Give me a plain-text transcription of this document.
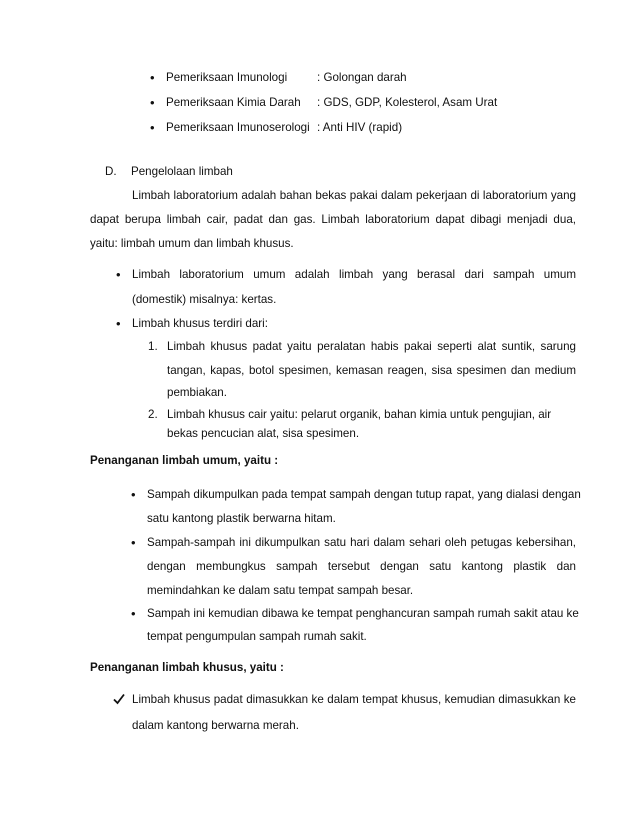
• Pemeriksaan Imunologi	: Golongan darah
• Pemeriksaan Kimia Darah : GDS, GDP, Kolesterol, Asam Urat
• Pemeriksaan Imunoserologi : Anti HIV (rapid)
D. Pengelolaan limbah
Limbah laboratorium adalah bahan bekas pakai dalam pekerjaan di laboratorium yang
dapat berupa limbah cair, padat dan gas. Limbah laboratorium dapat dibagi menjadi dua,
yaitu: limbah umum dan limbah khusus.
• Limbah laboratorium umum adalah limbah yang berasal dari sampah umum
(domestik) misalnya: kertas.
• Limbah khusus terdiri dari:
1. Limbah khusus padat yaitu peralatan habis pakai seperti alat suntik, sarung
tangan, kapas, botol spesimen, kemasan reagen, sisa spesimen dan medium
pembiakan.
2. Limbah khusus cair yaitu: pelarut organik, bahan kimia untuk pengujian, air
bekas pencucian alat, sisa spesimen.
Penanganan limbah umum, yaitu :
• Sampah dikumpulkan pada tempat sampah dengan tutup rapat, yang dialasi dengan
satu kantong plastik berwarna hitam.
• Sampah-sampah ini dikumpulkan satu hari dalam sehari oleh petugas kebersihan,
dengan membungkus sampah tersebut dengan satu kantong plastik dan
memindahkan ke dalam satu tempat sampah besar.
• Sampah ini kemudian dibawa ke tempat penghancuran sampah rumah sakit atau ke
tempat pengumpulan sampah rumah sakit.
Penanganan limbah khusus, yaitu :
Limbah khusus padat dimasukkan ke dalam tempat khusus, kemudian dimasukkan ke
dalam kantong berwarna merah.
